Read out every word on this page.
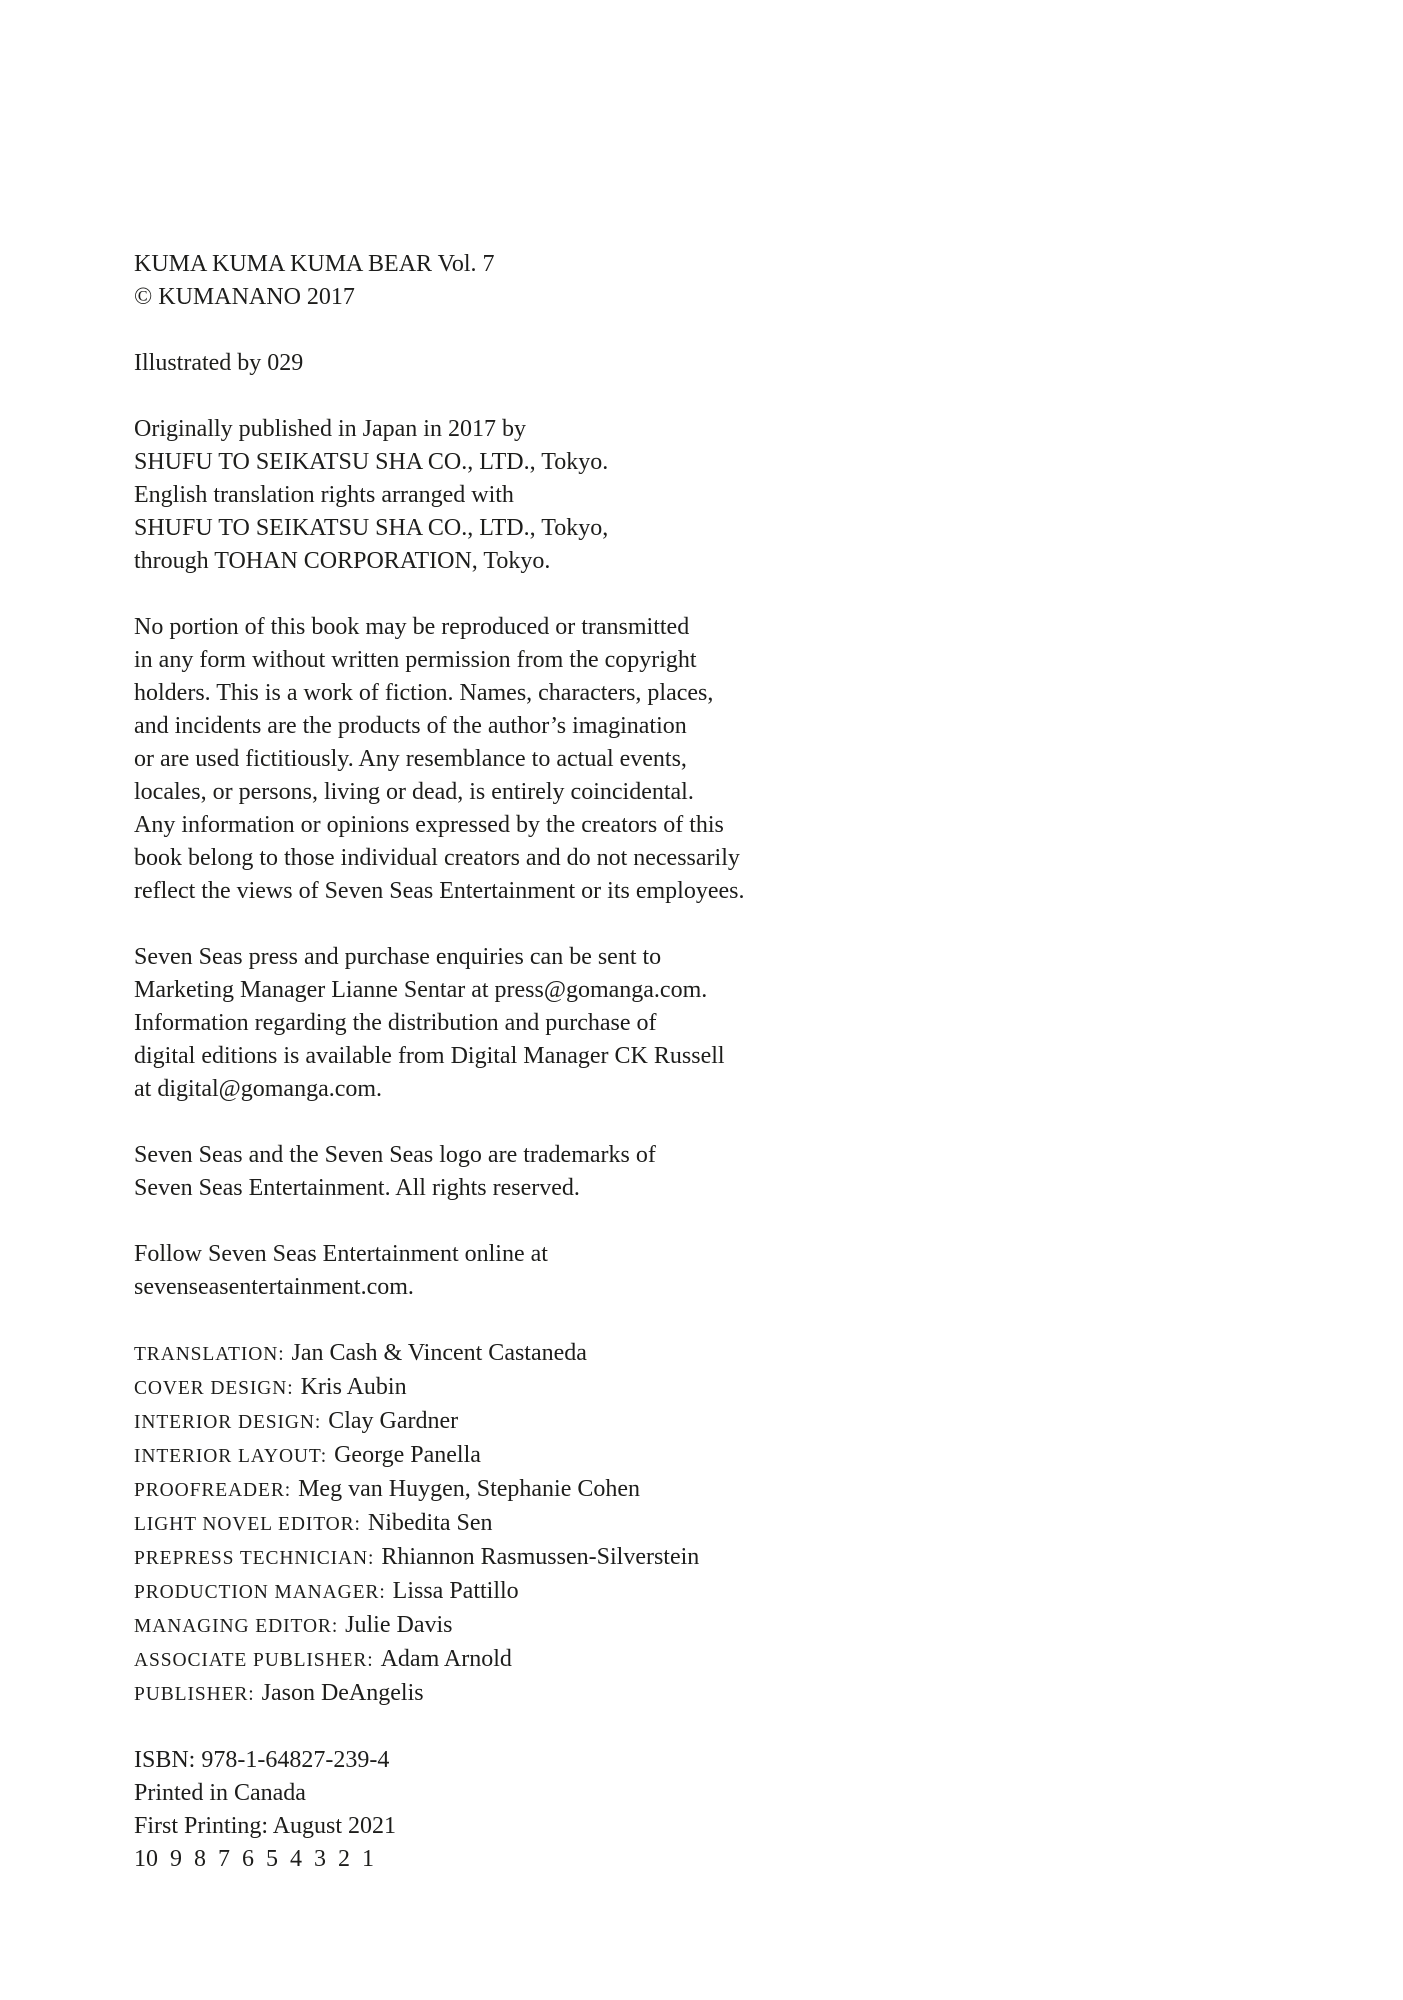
KUMA KUMA KUMA BEAR Vol. 7
© KUMANANO 2017

Illustrated by 029

Originally published in Japan in 2017 by
SHUFU TO SEIKATSU SHA CO., LTD., Tokyo.
English translation rights arranged with
SHUFU TO SEIKATSU SHA CO., LTD., Tokyo,
through TOHAN CORPORATION, Tokyo.

No portion of this book may be reproduced or transmitted
in any form without written permission from the copyright
holders. This is a work of fiction. Names, characters, places,
and incidents are the products of the author’s imagination
or are used fictitiously. Any resemblance to actual events,
locales, or persons, living or dead, is entirely coincidental.
Any information or opinions expressed by the creators of this
book belong to those individual creators and do not necessarily
reflect the views of Seven Seas Entertainment or its employees.

Seven Seas press and purchase enquiries can be sent to
Marketing Manager Lianne Sentar at press@gomanga.com.
Information regarding the distribution and purchase of
digital editions is available from Digital Manager CK Russell
at digital@gomanga.com.

Seven Seas and the Seven Seas logo are trademarks of
Seven Seas Entertainment. All rights reserved.

Follow Seven Seas Entertainment online at
sevenseasentertainment.com.

TRANSLATION: Jan Cash & Vincent Castaneda
COVER DESIGN: Kris Aubin
INTERIOR DESIGN: Clay Gardner
INTERIOR LAYOUT: George Panella
PROOFREADER: Meg van Huygen, Stephanie Cohen
LIGHT NOVEL EDITOR: Nibedita Sen
PREPRESS TECHNICIAN: Rhiannon Rasmussen-Silverstein
PRODUCTION MANAGER: Lissa Pattillo
MANAGING EDITOR: Julie Davis
ASSOCIATE PUBLISHER: Adam Arnold
PUBLISHER: Jason DeAngelis

ISBN: 978-1-64827-239-4
Printed in Canada
First Printing: August 2021
10 9 8 7 6 5 4 3 2 1
